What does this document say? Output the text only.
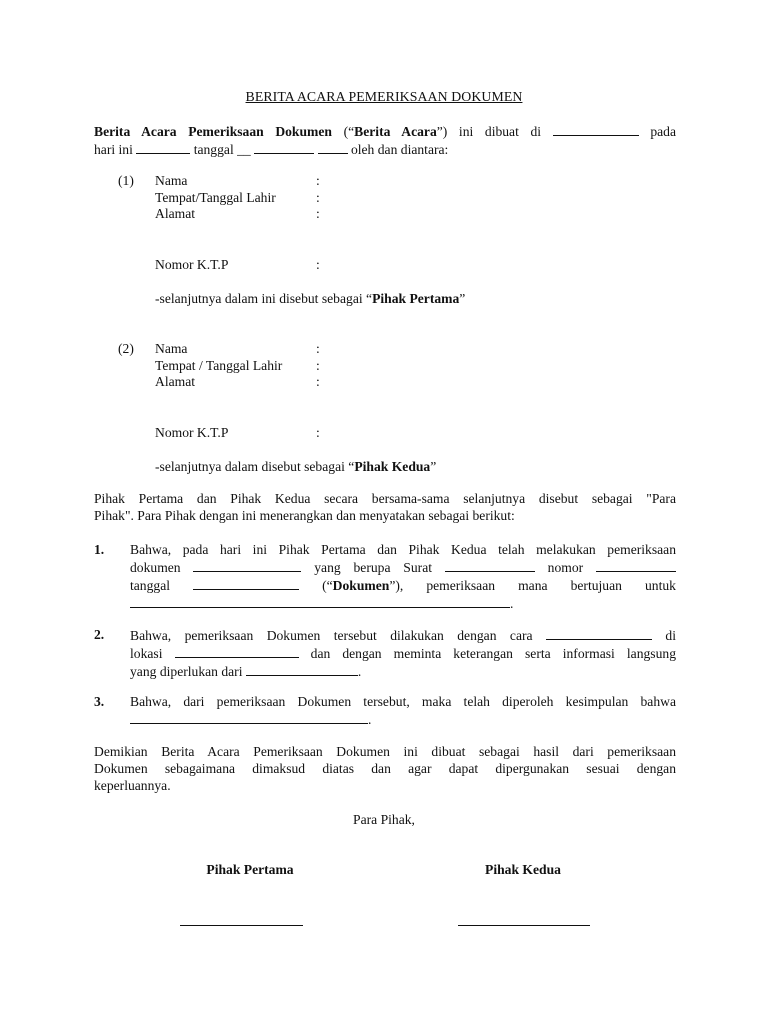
BERITA ACARA PEMERIKSAAN DOKUMEN
Berita Acara Pemeriksaan Dokumen (“Berita Acara”) ini dibuat di	pada
hari ini	tanggal __	oleh dan diantara:
(1) Nama	:
Tempat/Tanggal Lahir	:
Alamat	:
Nomor K.T.P	:
-selanjutnya dalam ini disebut sebagai “Pihak Pertama”
(2) Nama	:
Tempat / Tanggal Lahir :
Alamat	:
Nomor K.T.P	:
-selanjutnya dalam disebut sebagai “Pihak Kedua”
Pihak Pertama dan Pihak Kedua secara bersama-sama selanjutnya disebut sebagai "Para
Pihak". Para Pihak dengan ini menerangkan dan menyatakan sebagai berikut:
1. Bahwa, pada hari ini Pihak Pertama dan Pihak Kedua telah melakukan pemeriksaan
dokumen	yang berupa Surat	nomor
tanggal	(“Dokumen”), pemeriksaan mana bertujuan untuk
.
2. Bahwa, pemeriksaan Dokumen tersebut dilakukan dengan cara	di
lokasi	dan dengan meminta keterangan serta informasi langsung
yang diperlukan dari	.
3. Bahwa, dari pemeriksaan Dokumen tersebut, maka telah diperoleh kesimpulan bahwa
.
Demikian Berita Acara Pemeriksaan Dokumen ini dibuat sebagai hasil dari pemeriksaan
Dokumen sebagaimana dimaksud diatas dan agar dapat dipergunakan sesuai dengan
keperluannya.
Para Pihak,
Pihak Pertama	Pihak Kedua
